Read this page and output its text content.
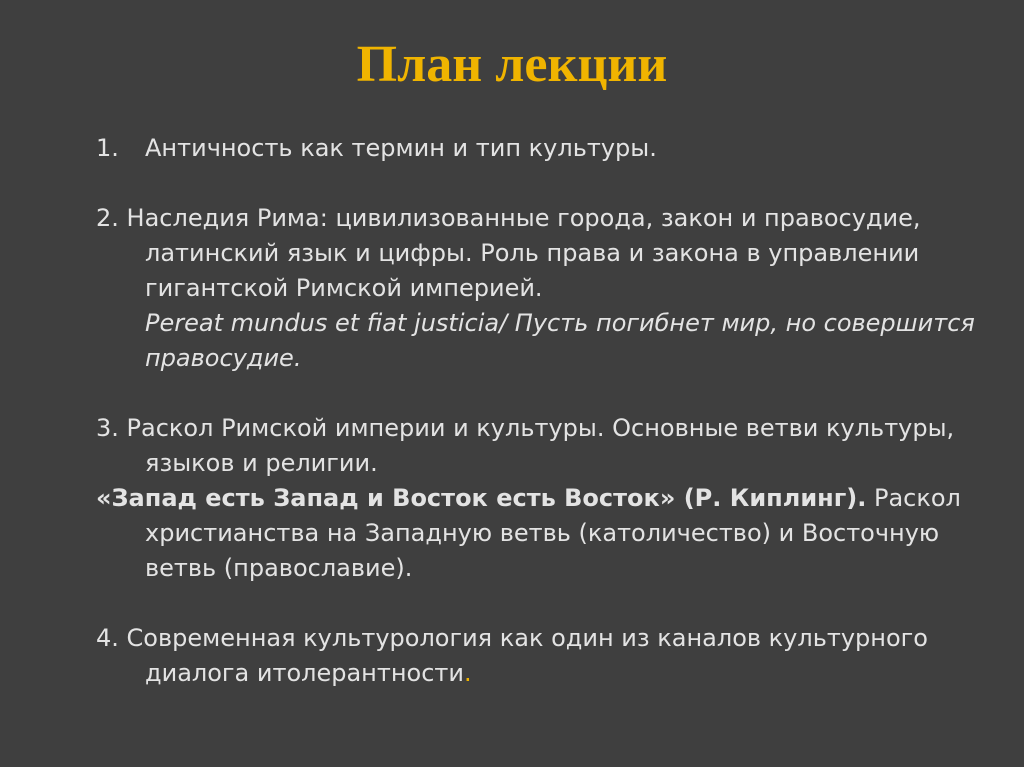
План лекции

1. Античность как термин и тип культуры.

2. Наследия Рима: цивилизованные города, закон и правосудие, латинский язык и цифры. Роль права и закона в управлении гигантской Римской империей.
Pereat mundus et fiat justicia/ Пусть погибнет мир, но совершится правосудие.

3. Раскол Римской империи и культуры. Основные ветви культуры, языков и религии.

«Запад есть Запад и Восток есть Восток» (Р. Киплинг). Раскол христианства на Западную ветвь (католичество) и Восточную ветвь (православие).

4. Современная культурология как один из каналов культурного диалога итолерантности.
